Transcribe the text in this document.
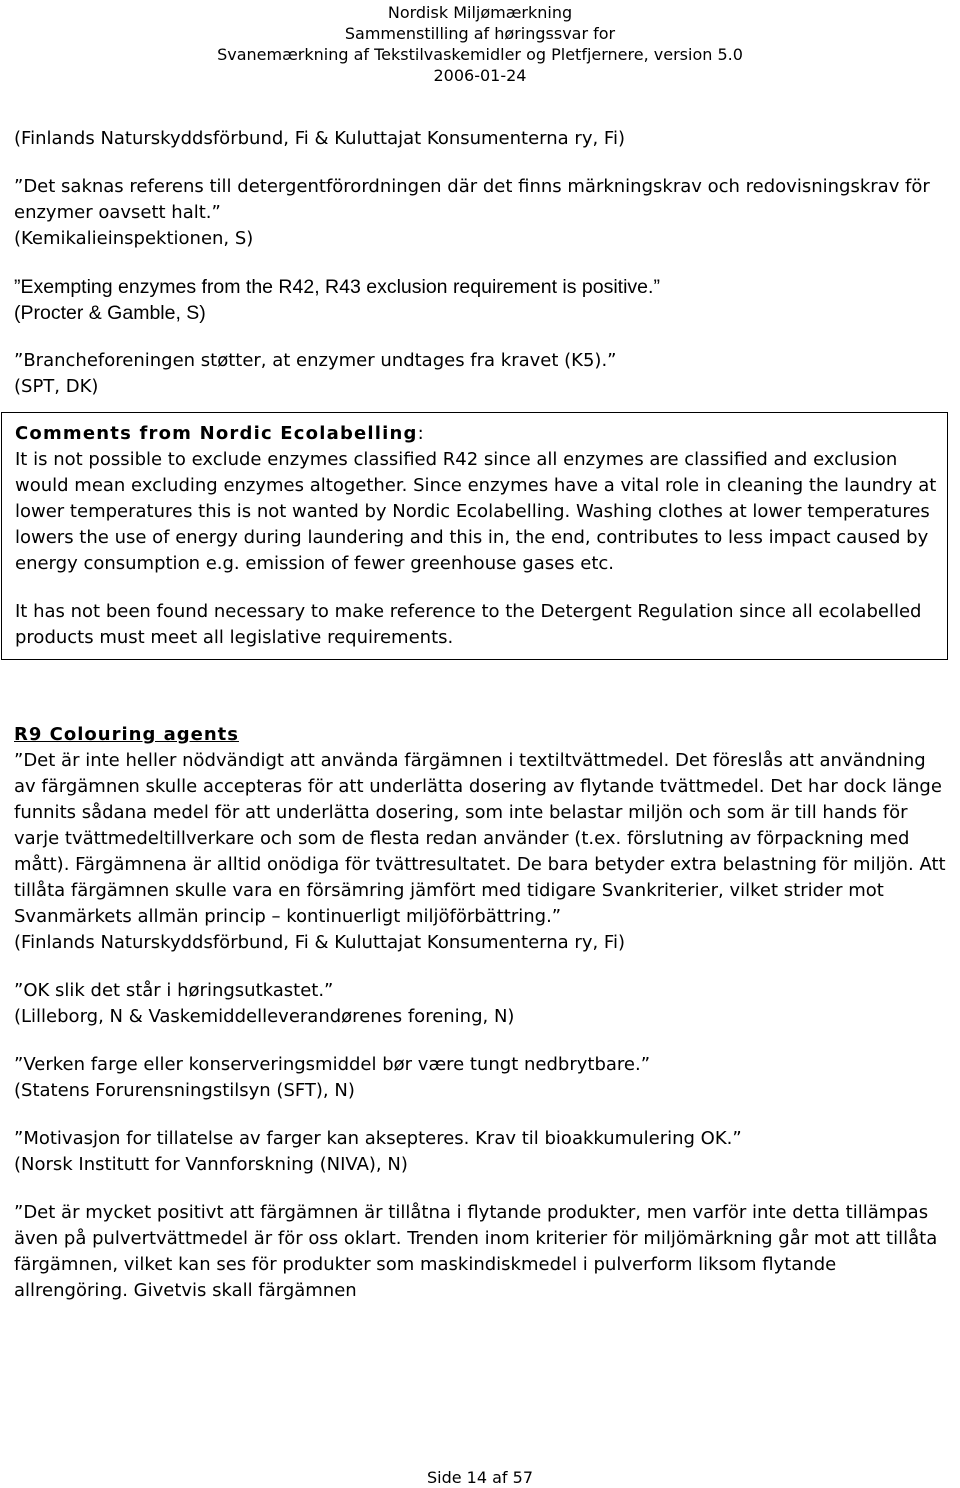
Nordisk Miljømærkning
Sammenstilling af høringssvar for
Svanemærkning af Tekstilvaskemidler og Pletfjernere, version 5.0
2006-01-24

(Finlands Naturskyddsförbund, Fi & Kuluttajat Konsumenterna ry, Fi)

”Det saknas referens till detergentförordningen där det finns märkningskrav och redovisningskrav för enzymer oavsett halt.”

(Kemikalieinspektionen, S)

”Exempting enzymes from the R42, R43 exclusion requirement is positive.”

(Procter & Gamble, S)

”Brancheforeningen støtter, at enzymer undtages fra kravet (K5).”

(SPT, DK)

Comments from Nordic Ecolabelling:

It is not possible to exclude enzymes classified R42 since all enzymes are classified and exclusion would mean excluding enzymes altogether. Since enzymes have a vital role in cleaning the laundry at lower temperatures this is not wanted by Nordic Ecolabelling. Washing clothes at lower temperatures lowers the use of energy during laundering and this in, the end, contributes to less impact caused by energy consumption e.g. emission of fewer greenhouse gases etc.

It has not been found necessary to make reference to the Detergent Regulation since all ecolabelled products must meet all legislative requirements.

R9 Colouring agents

”Det är inte heller nödvändigt att använda färgämnen i textiltvättmedel. Det föreslås att användning av färgämnen skulle accepteras för att underlätta dosering av flytande tvättmedel. Det har dock länge funnits sådana medel för att underlätta dosering, som inte belastar miljön och som är till hands för varje tvättmedeltillverkare och som de flesta redan använder (t.ex. förslutning av förpackning med mått). Färgämnena är alltid onödiga för tvättresultatet. De bara betyder extra belastning för miljön. Att tillåta färgämnen skulle vara en försämring jämfört med tidigare Svankriterier, vilket strider mot Svanmärkets allmän princip – kontinuerligt miljöförbättring.”

(Finlands Naturskyddsförbund, Fi & Kuluttajat Konsumenterna ry, Fi)

”OK slik det står i høringsutkastet.”

(Lilleborg, N & Vaskemiddelleverandørenes forening, N)

”Verken farge eller konserveringsmiddel bør være tungt nedbrytbare.”

(Statens Forurensningstilsyn (SFT), N)

”Motivasjon for tillatelse av farger kan aksepteres. Krav til bioakkumulering OK.”

(Norsk Institutt for Vannforskning (NIVA), N)

”Det är mycket positivt att färgämnen är tillåtna i flytande produkter, men varför inte detta tillämpas även på pulvertvättmedel är för oss oklart. Trenden inom kriterier för miljömärkning går mot att tillåta färgämnen, vilket kan ses för produkter som maskindiskmedel i pulverform liksom flytande allrengöring. Givetvis skall färgämnen

Side 14 af 57
